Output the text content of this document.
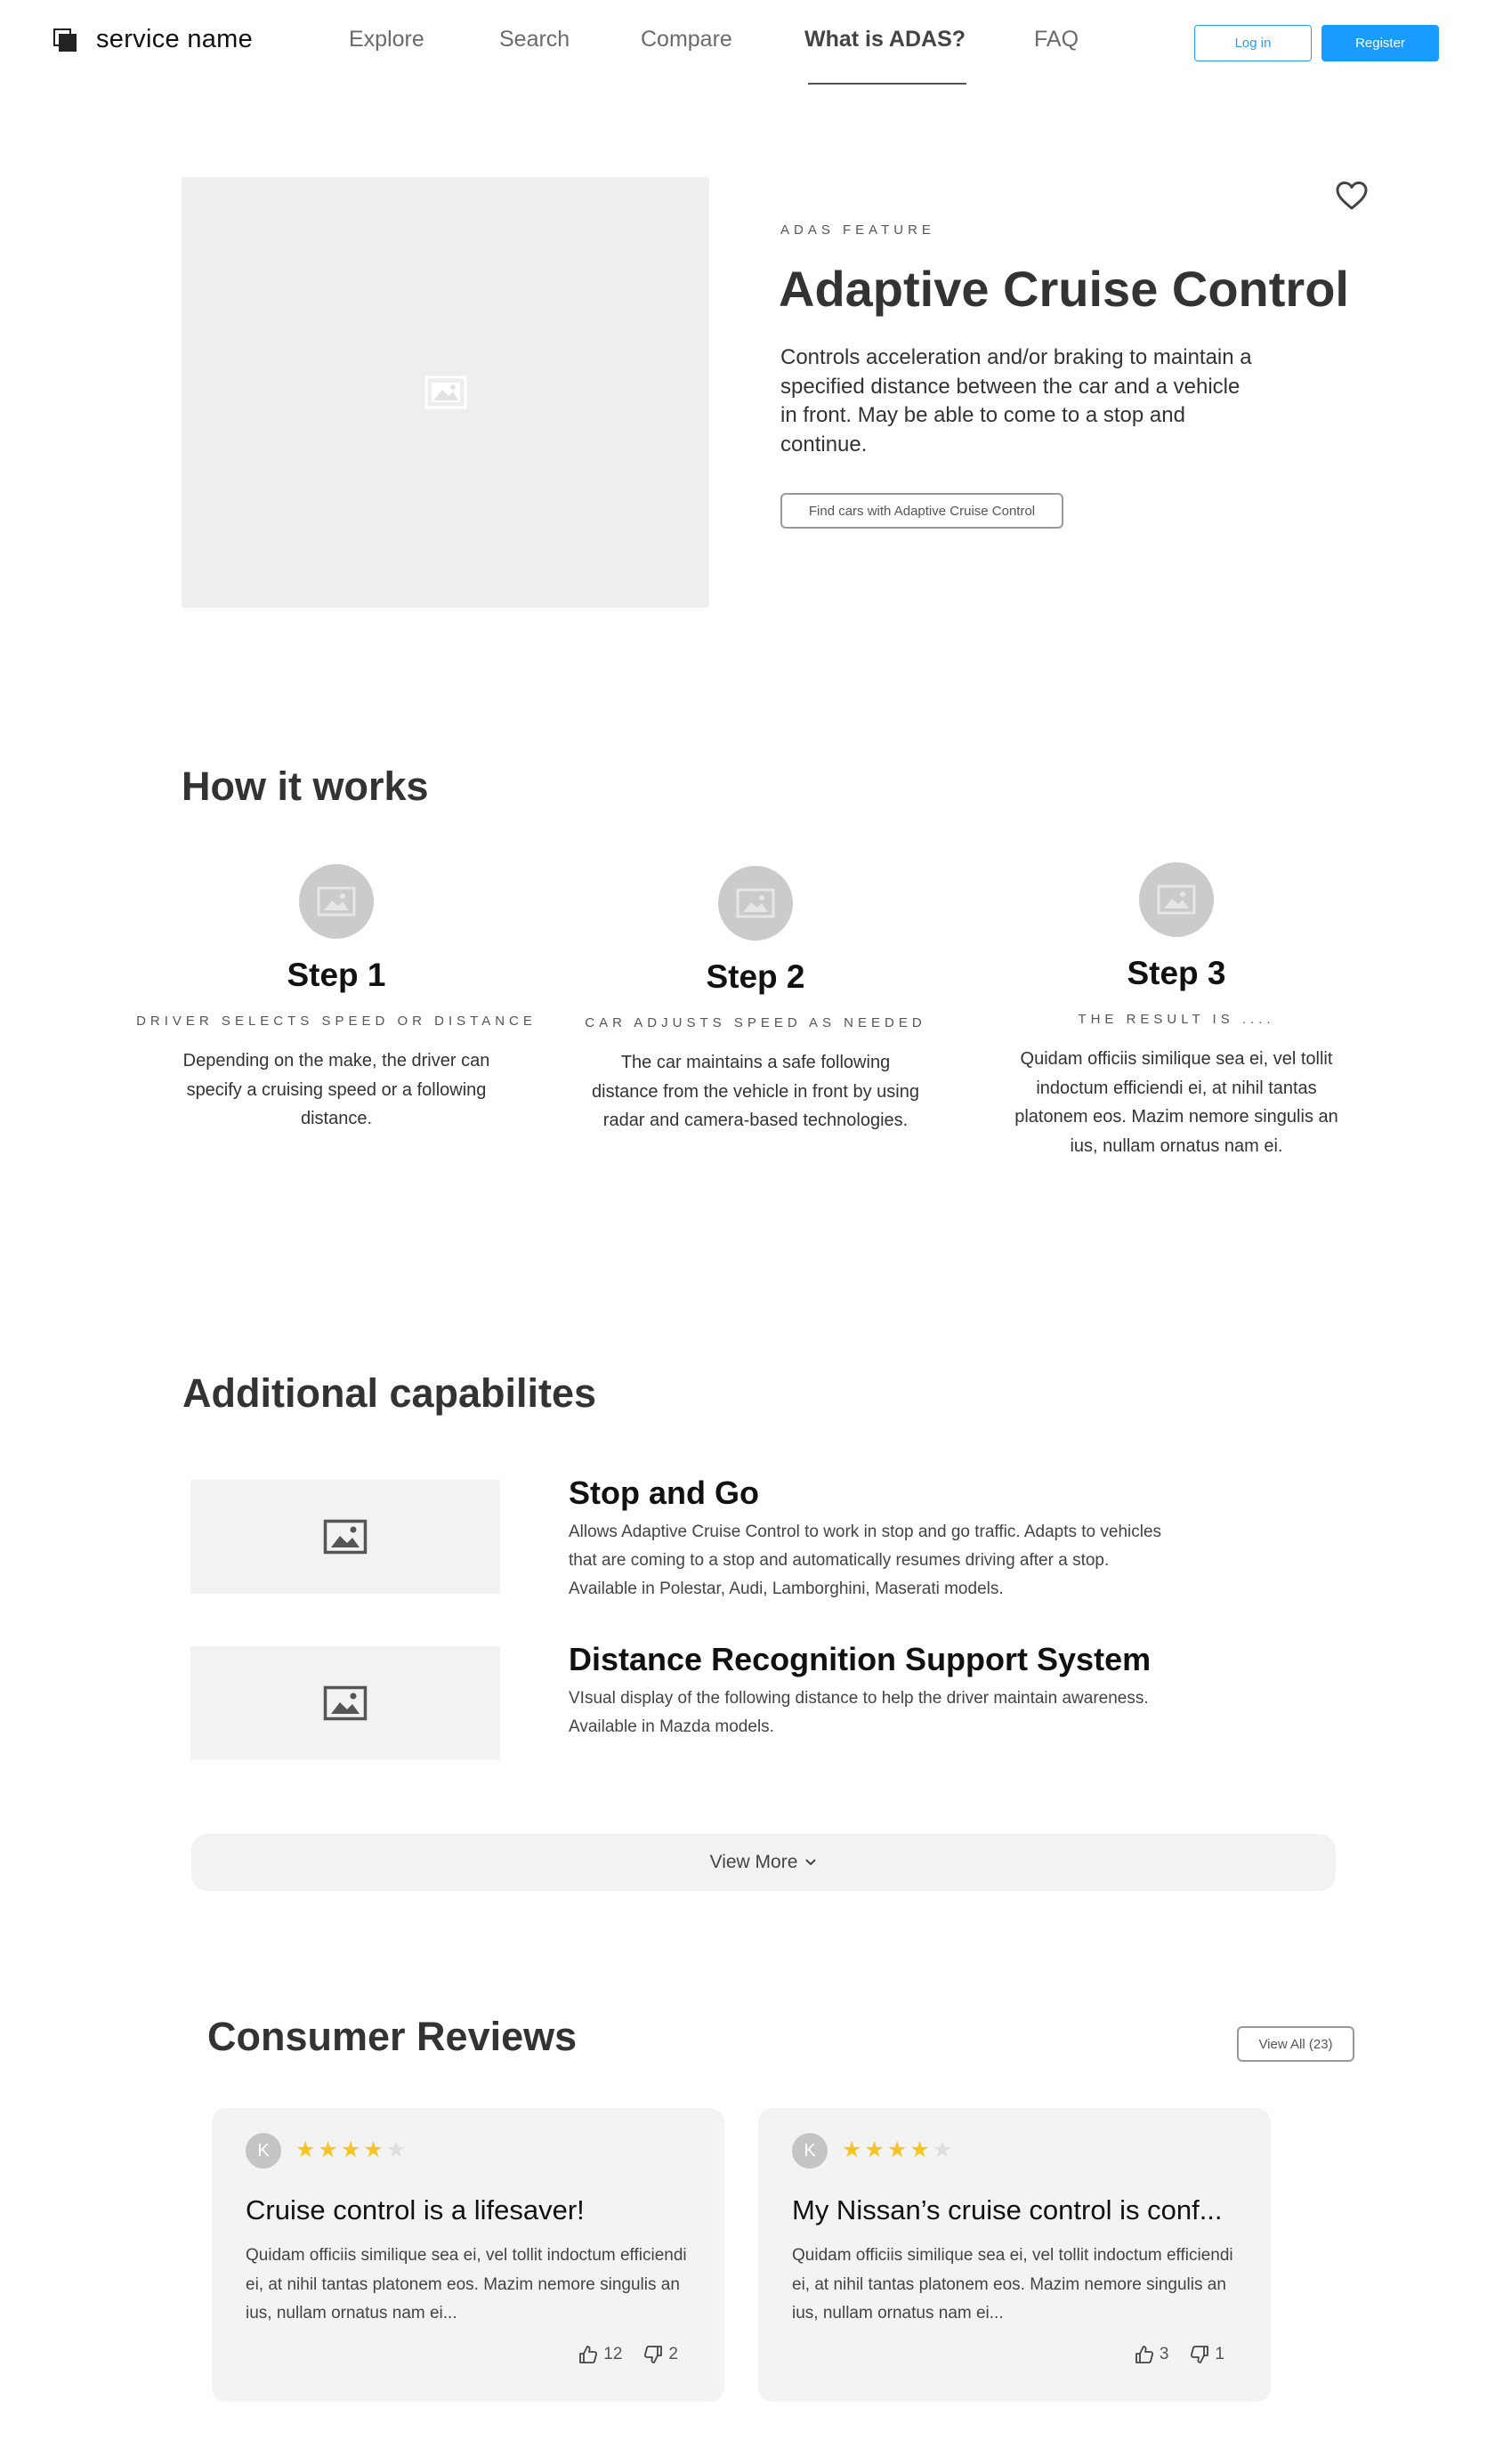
service name	Explore	Search	Compare	What is ADAS?	FAQ	Log in	Register
ADAS FEATURE
Adaptive Cruise Control

Controls acceleration and/or braking to maintain a specified distance between the car and a vehicle in front. May be able to come to a stop and continue.

Find cars with Adaptive Cruise Control
How it works
Step 1
DRIVER SELECTS SPEED OR DISTANCE
Depending on the make, the driver can specify a cruising speed or a following distance.
Step 2
CAR ADJUSTS SPEED AS NEEDED
The car maintains a safe following distance from the vehicle in front by using radar and camera-based technologies.
Step 3
THE RESULT IS ....
Quidam officiis similique sea ei, vel tollit indoctum efficiendi ei, at nihil tantas platonem eos. Mazim nemore singulis an ius, nullam ornatus nam ei.
Additional capabilites
Stop and Go

Allows Adaptive Cruise Control to work in stop and go traffic. Adapts to vehicles that are coming to a stop and automatically resumes driving after a stop. Available in Polestar, Audi, Lamborghini, Maserati models.

Distance Recognition Support System

VIsual display of the following distance to help the driver maintain awareness. Available in Mazda models.

View More
Consumer Reviews	View All (23)
K	★★★★★
Cruise control is a lifesaver!
Quidam officiis similique sea ei, vel tollit indoctum efficiendi ei, at nihil tantas platonem eos. Mazim nemore singulis an ius, nullam ornatus nam ei...
12	2
K	★★★★★
My Nissan’s cruise control is conf...
Quidam officiis similique sea ei, vel tollit indoctum efficiendi ei, at nihil tantas platonem eos. Mazim nemore singulis an ius, nullam ornatus nam ei...
3	1
